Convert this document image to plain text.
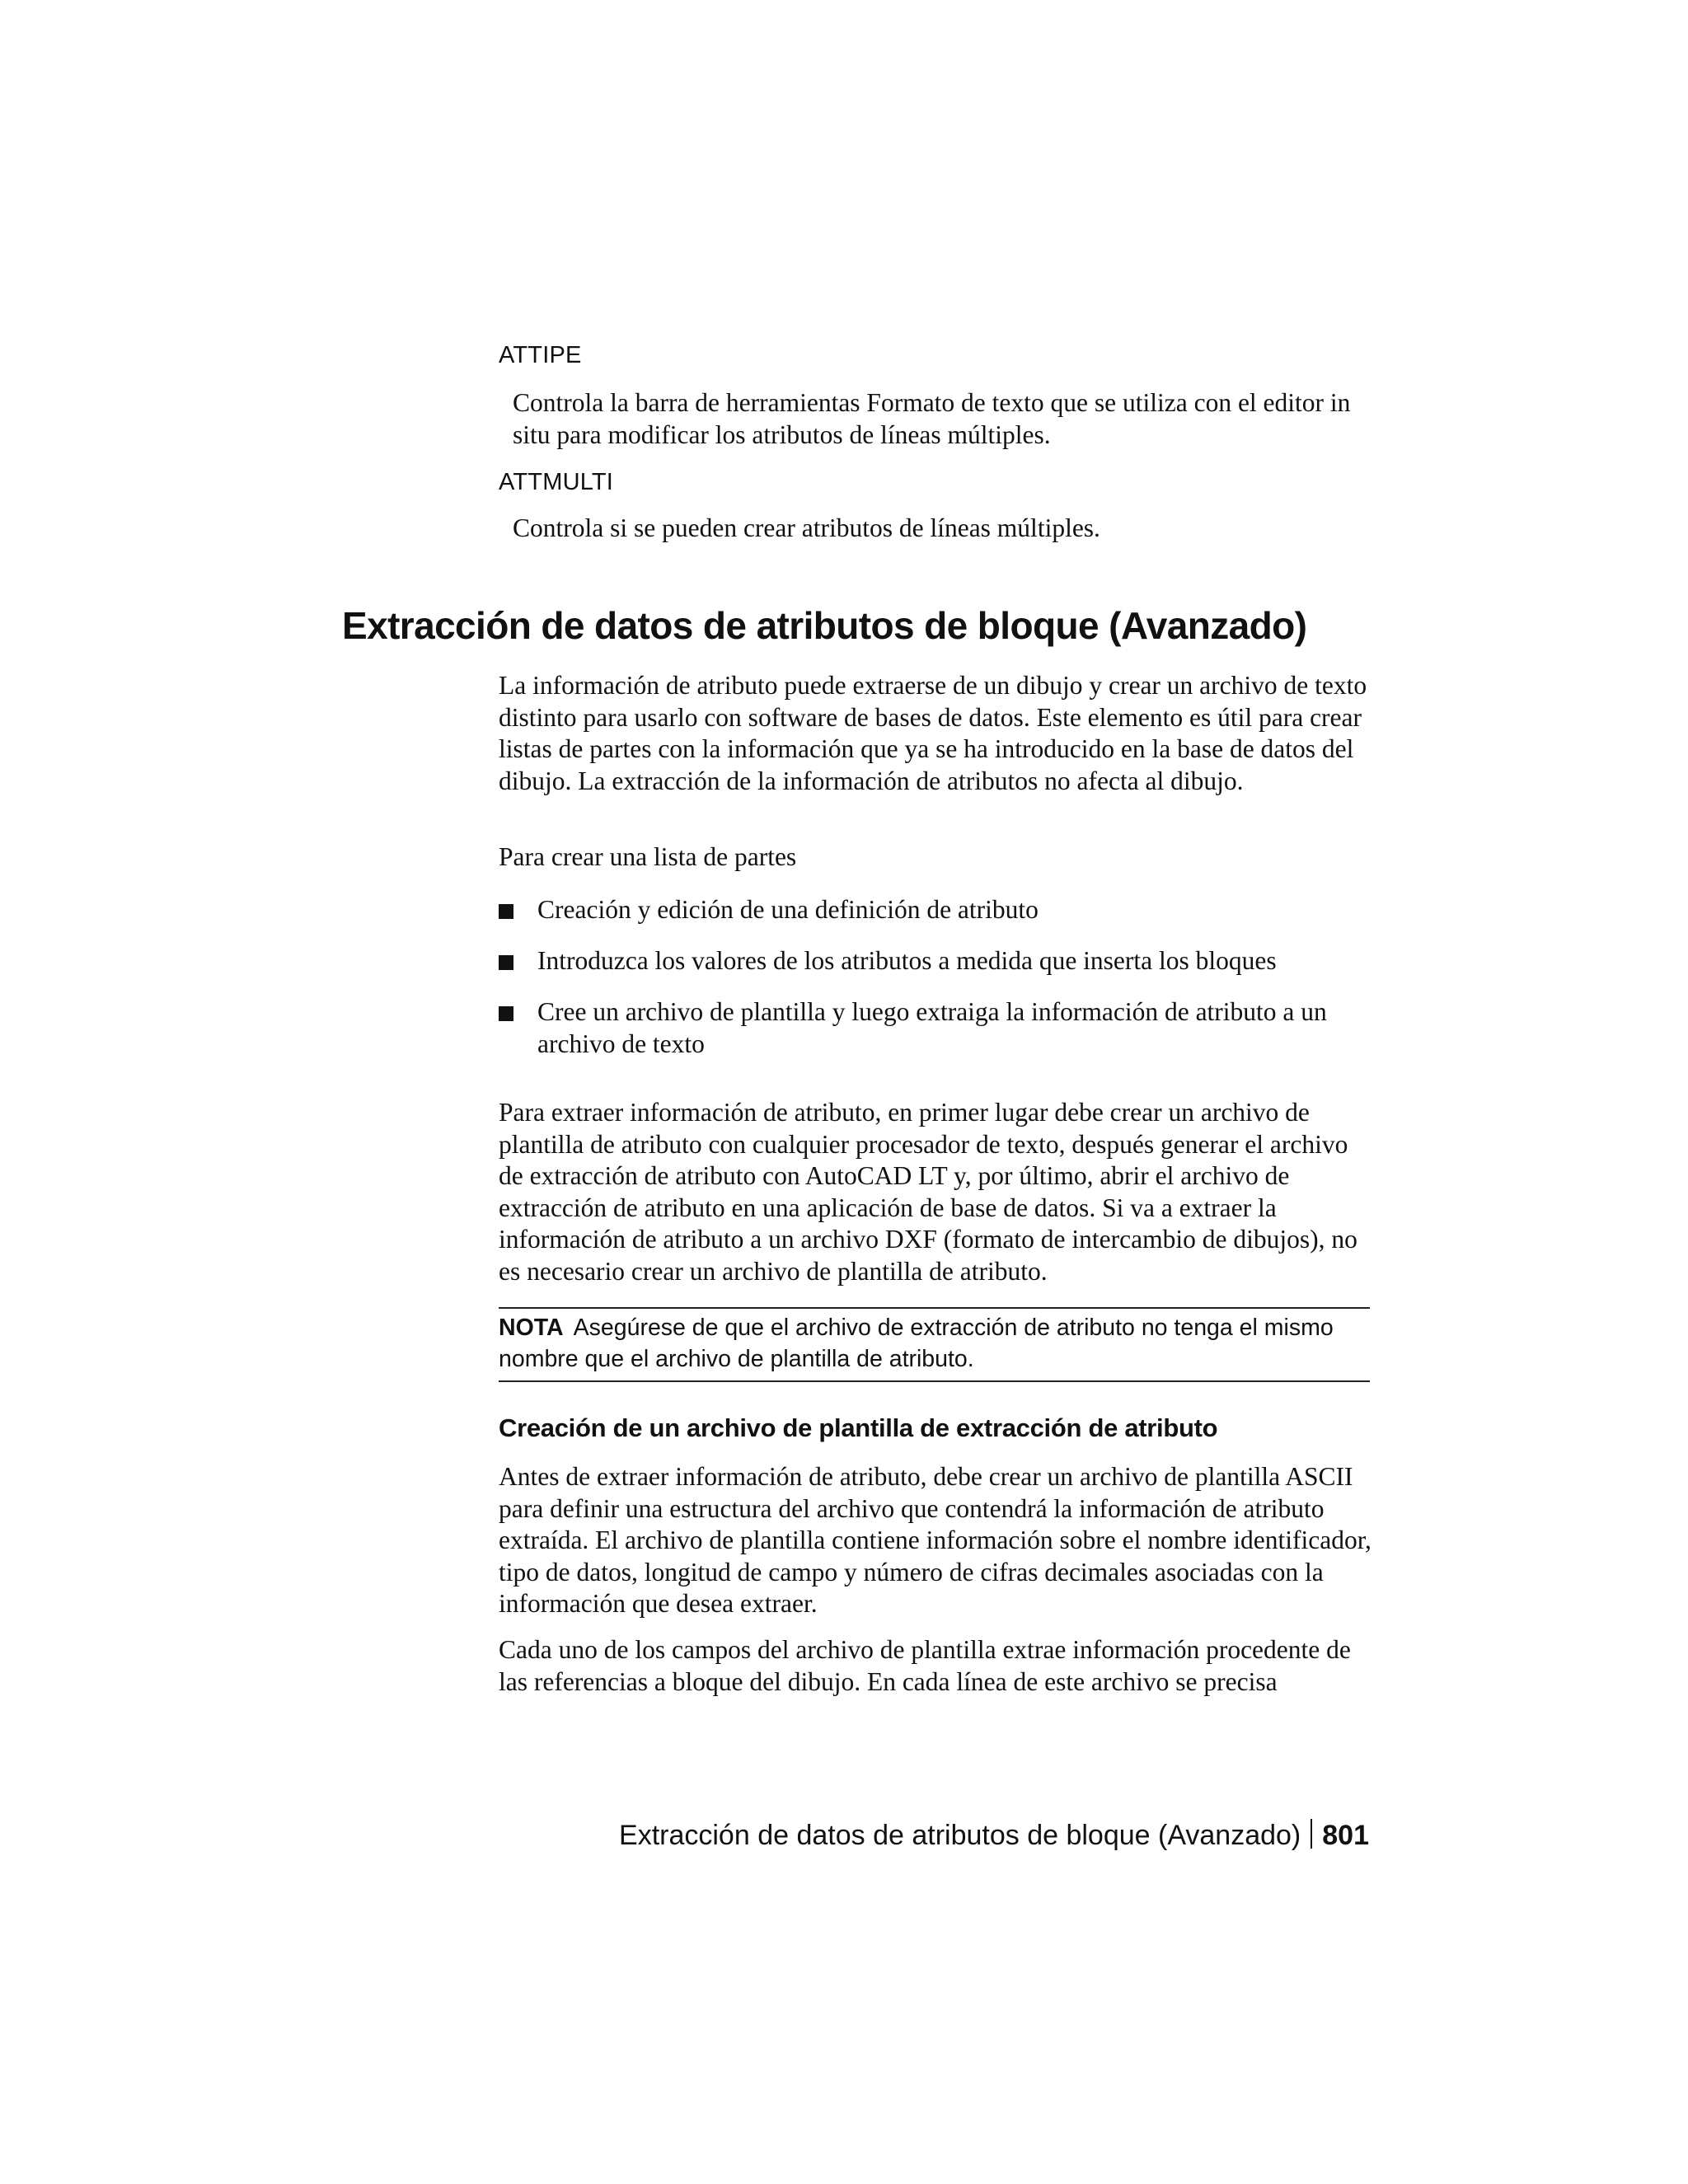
ATTIPE
Controla la barra de herramientas Formato de texto que se utiliza con el editor in situ para modificar los atributos de líneas múltiples.
ATTMULTI
Controla si se pueden crear atributos de líneas múltiples.
Extracción de datos de atributos de bloque (Avanzado)
La información de atributo puede extraerse de un dibujo y crear un archivo de texto distinto para usarlo con software de bases de datos. Este elemento es útil para crear listas de partes con la información que ya se ha introducido en la base de datos del dibujo. La extracción de la información de atributos no afecta al dibujo.
Para crear una lista de partes
Creación y edición de una definición de atributo
Introduzca los valores de los atributos a medida que inserta los bloques
Cree un archivo de plantilla y luego extraiga la información de atributo a un archivo de texto
Para extraer información de atributo, en primer lugar debe crear un archivo de plantilla de atributo con cualquier procesador de texto, después generar el archivo de extracción de atributo con AutoCAD LT y, por último, abrir el archivo de extracción de atributo en una aplicación de base de datos. Si va a extraer la información de atributo a un archivo DXF (formato de intercambio de dibujos), no es necesario crear un archivo de plantilla de atributo.
NOTA Asegúrese de que el archivo de extracción de atributo no tenga el mismo nombre que el archivo de plantilla de atributo.
Creación de un archivo de plantilla de extracción de atributo
Antes de extraer información de atributo, debe crear un archivo de plantilla ASCII para definir una estructura del archivo que contendrá la información de atributo extraída. El archivo de plantilla contiene información sobre el nombre identificador, tipo de datos, longitud de campo y número de cifras decimales asociadas con la información que desea extraer.
Cada uno de los campos del archivo de plantilla extrae información procedente de las referencias a bloque del dibujo. En cada línea de este archivo se precisa
Extracción de datos de atributos de bloque (Avanzado) 801
